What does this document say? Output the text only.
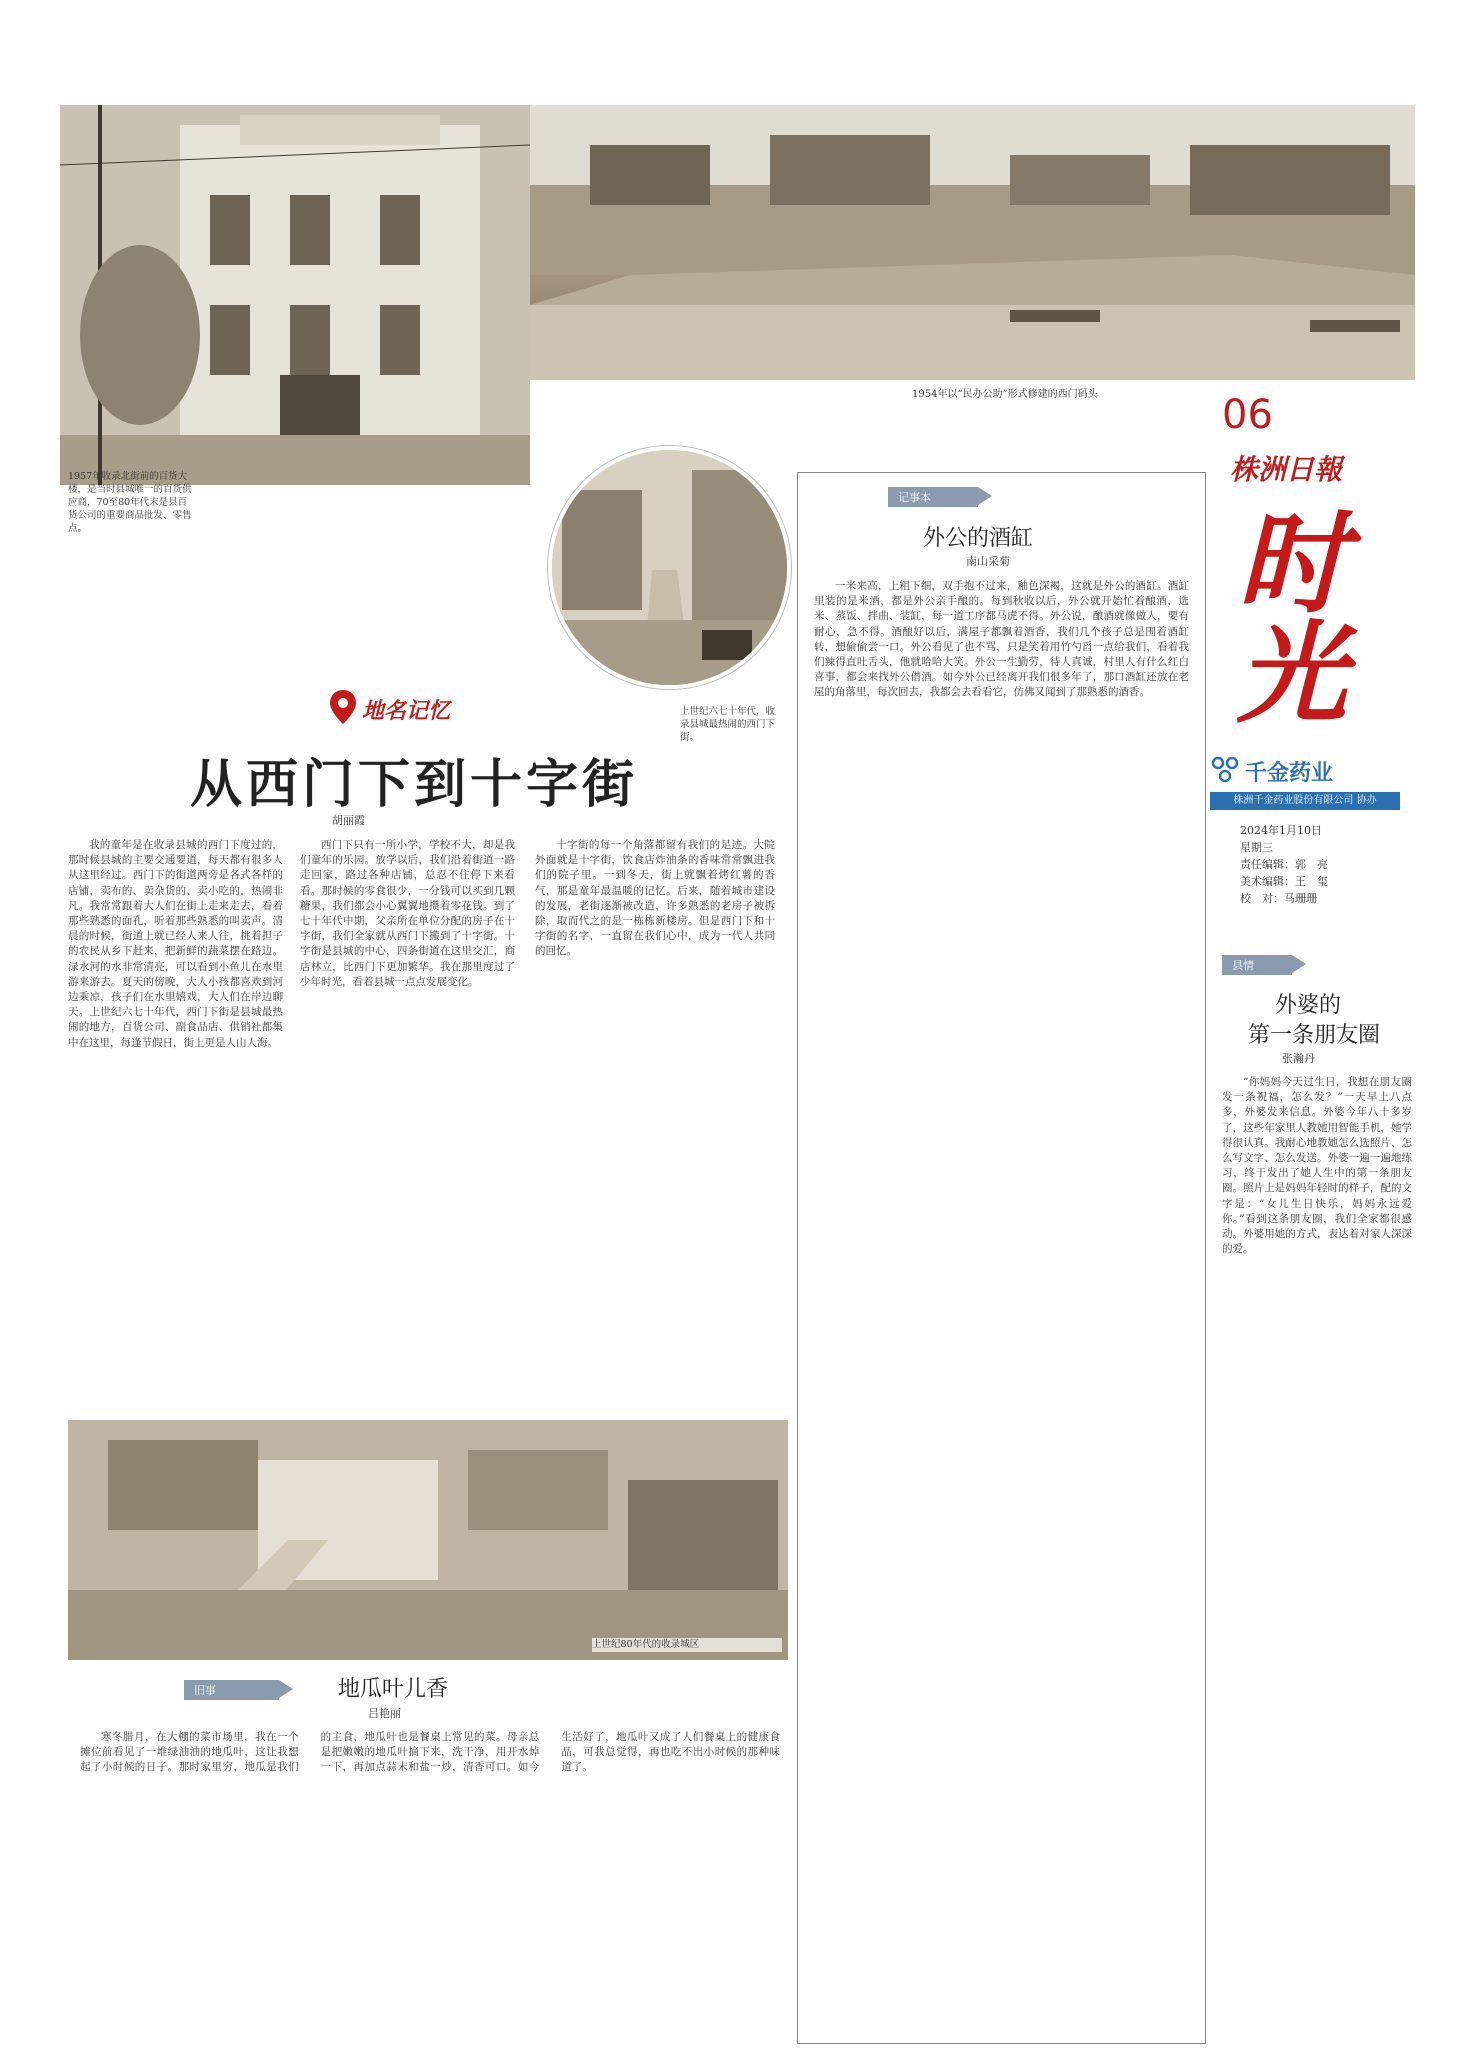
1957年收录北街前的百货大楼，是当时县城唯一的百货供应商，70至80年代末是县百货公司的重要商品批发、零售点。
1954年以“民办公助”形式修建的西门码头
上世纪六七十年代，收录县城最热闹的西门下街。
地名记忆
从西门下到十字街
胡丽霞

我的童年是在收录县城的西门下度过的，那时候县城的主要交通要道，每天都有很多人从这里经过。西门下的街道两旁是各式各样的店铺，卖布的、卖杂货的、卖小吃的，热闹非凡。我常常跟着大人们在街上走来走去，看着那些熟悉的面孔，听着那些熟悉的叫卖声。清晨的时候，街道上就已经人来人往，挑着担子的农民从乡下赶来，把新鲜的蔬菜摆在路边。渌水河的水非常清亮，可以看到小鱼儿在水里游来游去。夏天的傍晚，大人小孩都喜欢到河边乘凉，孩子们在水里嬉戏，大人们在岸边聊天。上世纪六七十年代，西门下街是县城最热闹的地方，百货公司、副食品店、供销社都集中在这里，每逢节假日，街上更是人山人海。

西门下只有一所小学，学校不大，却是我们童年的乐园。放学以后，我们沿着街道一路走回家，路过各种店铺，总忍不住停下来看看。那时候的零食很少，一分钱可以买到几颗糖果，我们都会小心翼翼地攒着零花钱。到了七十年代中期，父亲所在单位分配的房子在十字街，我们全家就从西门下搬到了十字街。十字街是县城的中心，四条街道在这里交汇，商店林立，比西门下更加繁华。我在那里度过了少年时光，看着县城一点点发展变化。

十字街的每一个角落都留有我们的足迹。大院外面就是十字街，饮食店炸油条的香味常常飘进我们的院子里。一到冬天，街上就飘着烤红薯的香气，那是童年最温暖的记忆。后来，随着城市建设的发展，老街逐渐被改造，许多熟悉的老房子被拆除，取而代之的是一栋栋新楼房。但是西门下和十字街的名字，一直留在我们心中，成为一代人共同的回忆。

上世纪80年代的收录城区
旧事	地瓜叶儿香
吕艳丽

寒冬腊月，在大棚的菜市场里，我在一个摊位前看见了一堆绿油油的地瓜叶，这让我想起了小时候的日子。那时家里穷，地瓜是我们的主食，地瓜叶也是餐桌上常见的菜。母亲总是把嫩嫩的地瓜叶摘下来，洗干净，用开水焯一下，再加点蒜末和盐一炒，清香可口。如今生活好了，地瓜叶又成了人们餐桌上的健康食品，可我总觉得，再也吃不出小时候的那种味道了。

记事本
外公的酒缸
南山采菊

一米来高，上粗下细，双手抱不过来，釉色深褐，这就是外公的酒缸。酒缸里装的是米酒，都是外公亲手酿的。每到秋收以后，外公就开始忙着酿酒，选米、蒸饭、拌曲、装缸，每一道工序都马虎不得。外公说，酿酒就像做人，要有耐心，急不得。酒酿好以后，满屋子都飘着酒香，我们几个孩子总是围着酒缸转，想偷偷尝一口。外公看见了也不骂，只是笑着用竹勺舀一点给我们，看着我们辣得直吐舌头，他就哈哈大笑。外公一生勤劳，待人真诚，村里人有什么红白喜事，都会来找外公借酒。如今外公已经离开我们很多年了，那口酒缸还放在老屋的角落里，每次回去，我都会去看看它，仿佛又闻到了那熟悉的酒香。

06
株洲日報
时光
千金药业
株洲千金药业股份有限公司 协办
2024年1月10日
星期三
责任编辑：郭　亮
美术编辑：王　玺
校　对：马珊珊
县情
外婆的
第一条朋友圈
张瀚丹

“你妈妈今天过生日，我想在朋友圈发一条祝福，怎么发？”一天早上八点多，外婆发来信息。外婆今年八十多岁了，这些年家里人教她用智能手机，她学得很认真。我耐心地教她怎么选照片、怎么写文字、怎么发送。外婆一遍一遍地练习，终于发出了她人生中的第一条朋友圈。照片上是妈妈年轻时的样子，配的文字是：“女儿生日快乐，妈妈永远爱你。”看到这条朋友圈，我们全家都很感动。外婆用她的方式，表达着对家人深深的爱。
